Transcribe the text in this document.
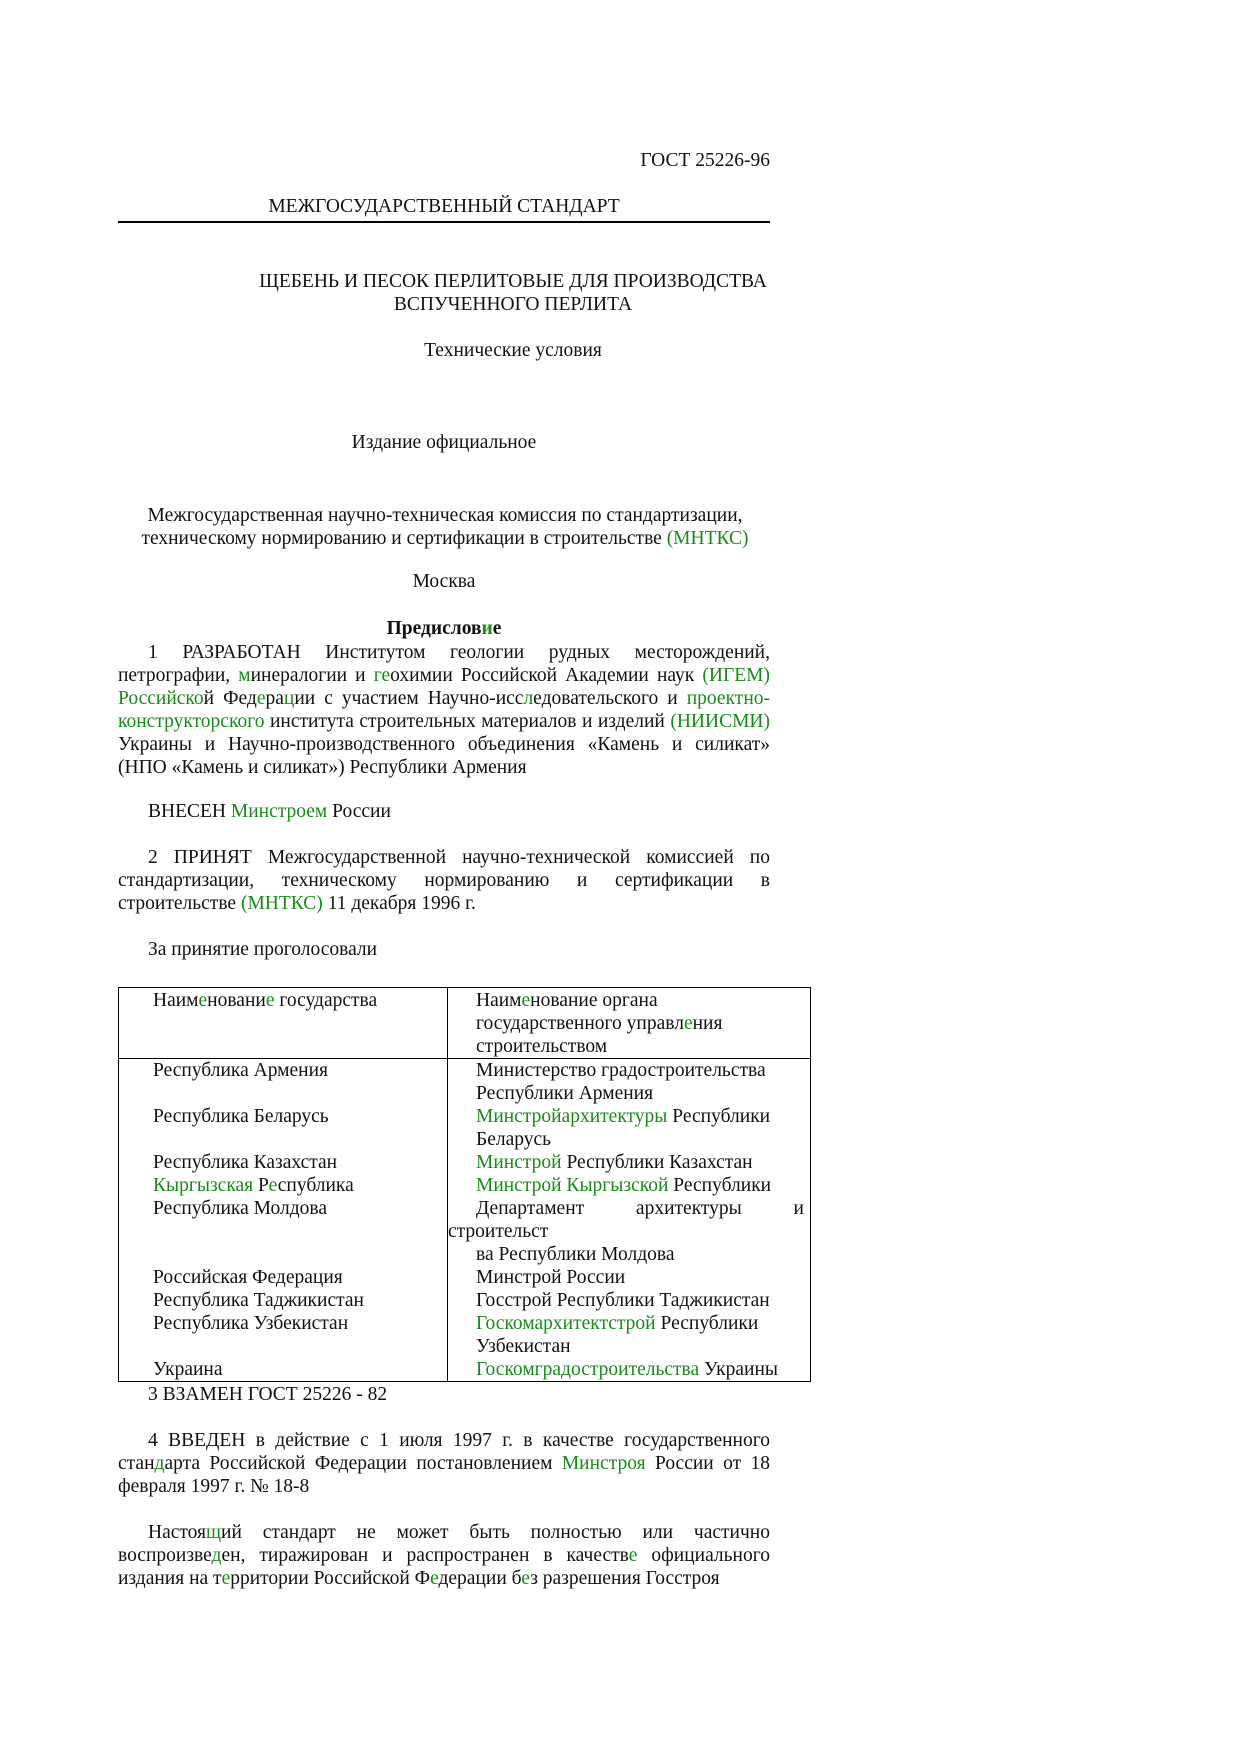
ГОСТ 25226-96
МЕЖГОСУДАРСТВЕННЫЙ СТАНДАРТ
ЩЕБЕНЬ И ПЕСОК ПЕРЛИТОВЫЕ ДЛЯ ПРОИЗВОДСТВА
ВСПУЧЕННОГО ПЕРЛИТА
Технические условия
Издание официальное
Межгосударственная научно-техническая комиссия по стандартизации,
техническому нормированию и сертификации в строительстве (МНТКС)
Москва
Предисловие
1 РАЗРАБОТАН Институтом геологии рудных месторождений, петрографии, минералогии и геохимии Российской Академии наук (ИГЕМ) Российской Федерации с участием Научно-исследовательского и проектно-конструкторского института строительных материалов и изделий (НИИСМИ) Украины и Научно-производственного объединения «Камень и силикат» (НПО «Камень и силикат») Республики Армения
ВНЕСЕН Минстроем России
2 ПРИНЯТ Межгосударственной научно-технической комиссией по стандартизации, техническому нормированию и сертификации в строительстве (МНТКС) 11 декабря 1996 г.
За принятие проголосовали
Наименование государства	Наименование органа государственного управления строительством
Республика Армения	Министерство градостроительства Республики Армения
Республика Беларусь	Минстройархитектуры Республики Беларусь
Республика Казахстан	Минстрой Республики Казахстан
Кыргызская Республика	Минстрой Кыргызской Республики
Республика Молдова	Департамент архитектуры и
строительст
ва Республики Молдова

Российская Федерация	Минстрой России
Республика Таджикистан	Госстрой Республики Таджикистан
Республика Узбекистан	Госкомархитектстрой Республики Узбекистан
Украина	Госкомградостроительства Украины
3 ВЗАМЕН ГОСТ 25226 - 82
4 ВВЕДЕН в действие с 1 июля 1997 г. в качестве государственного стандарта Российской Федерации постановлением Минстроя России от 18 февраля 1997 г. № 18-8
Настоящий стандарт не может быть полностью или частично воспроизведен, тиражирован и распространен в качестве официального издания на территории Российской Федерации без разрешения Госстроя
